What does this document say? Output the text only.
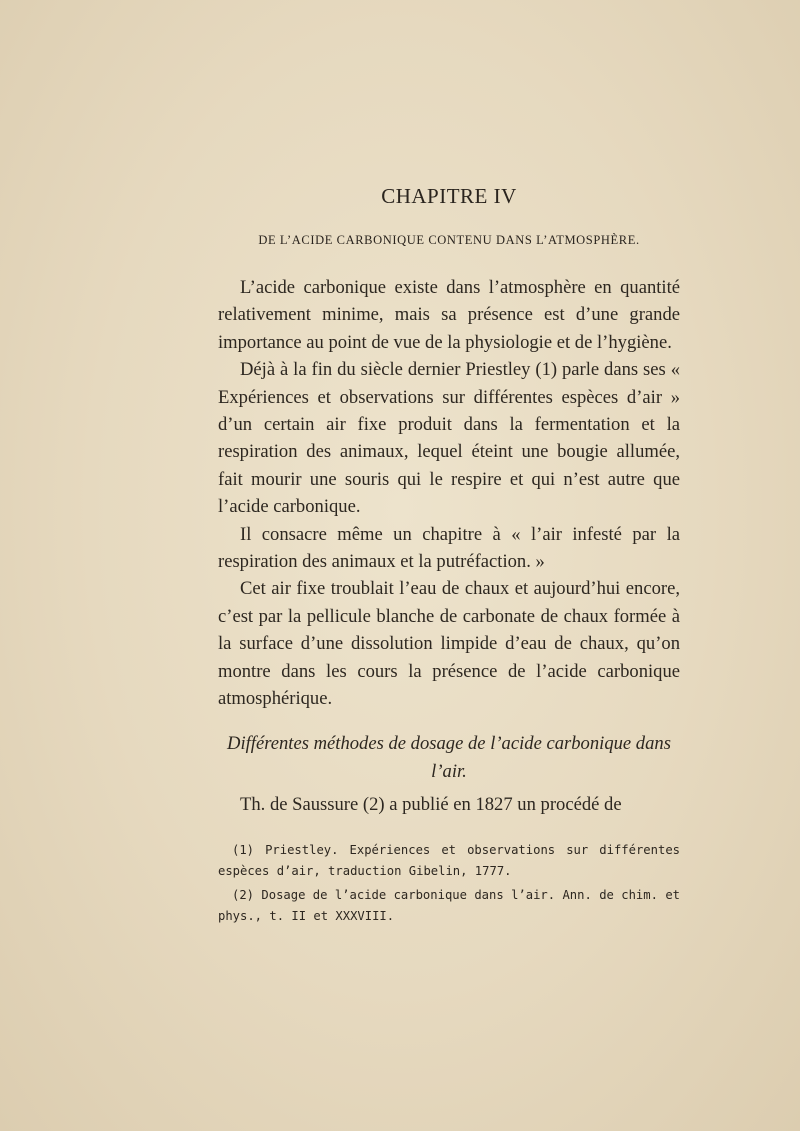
CHAPITRE IV
DE L’ACIDE CARBONIQUE CONTENU DANS L’ATMOSPHÈRE.

L’acide carbonique existe dans l’atmosphère en quantité relativement minime, mais sa présence est d’une grande importance au point de vue de la physiologie et de l’hygiène.

Déjà à la fin du siècle dernier Priestley (1) parle dans ses « Expériences et observations sur différentes espèces d’air » d’un certain air fixe produit dans la fermentation et la respiration des animaux, lequel éteint une bougie allumée, fait mourir une souris qui le respire et qui n’est autre que l’acide carbonique.

Il consacre même un chapitre à « l’air infesté par la respiration des animaux et la putréfaction. »

Cet air fixe troublait l’eau de chaux et aujourd’hui encore, c’est par la pellicule blanche de carbonate de chaux formée à la surface d’une dissolution limpide d’eau de chaux, qu’on montre dans les cours la présence de l’acide carbonique atmosphérique.

Différentes méthodes de dosage de l’acide carbonique dans l’air.

Th. de Saussure (2) a publié en 1827 un procédé de

(1) Priestley. Expériences et observations sur différentes espèces d’air, traduction Gibelin, 1777.

(2) Dosage de l’acide carbonique dans l’air. Ann. de chim. et phys., t. II et XXXVIII.
